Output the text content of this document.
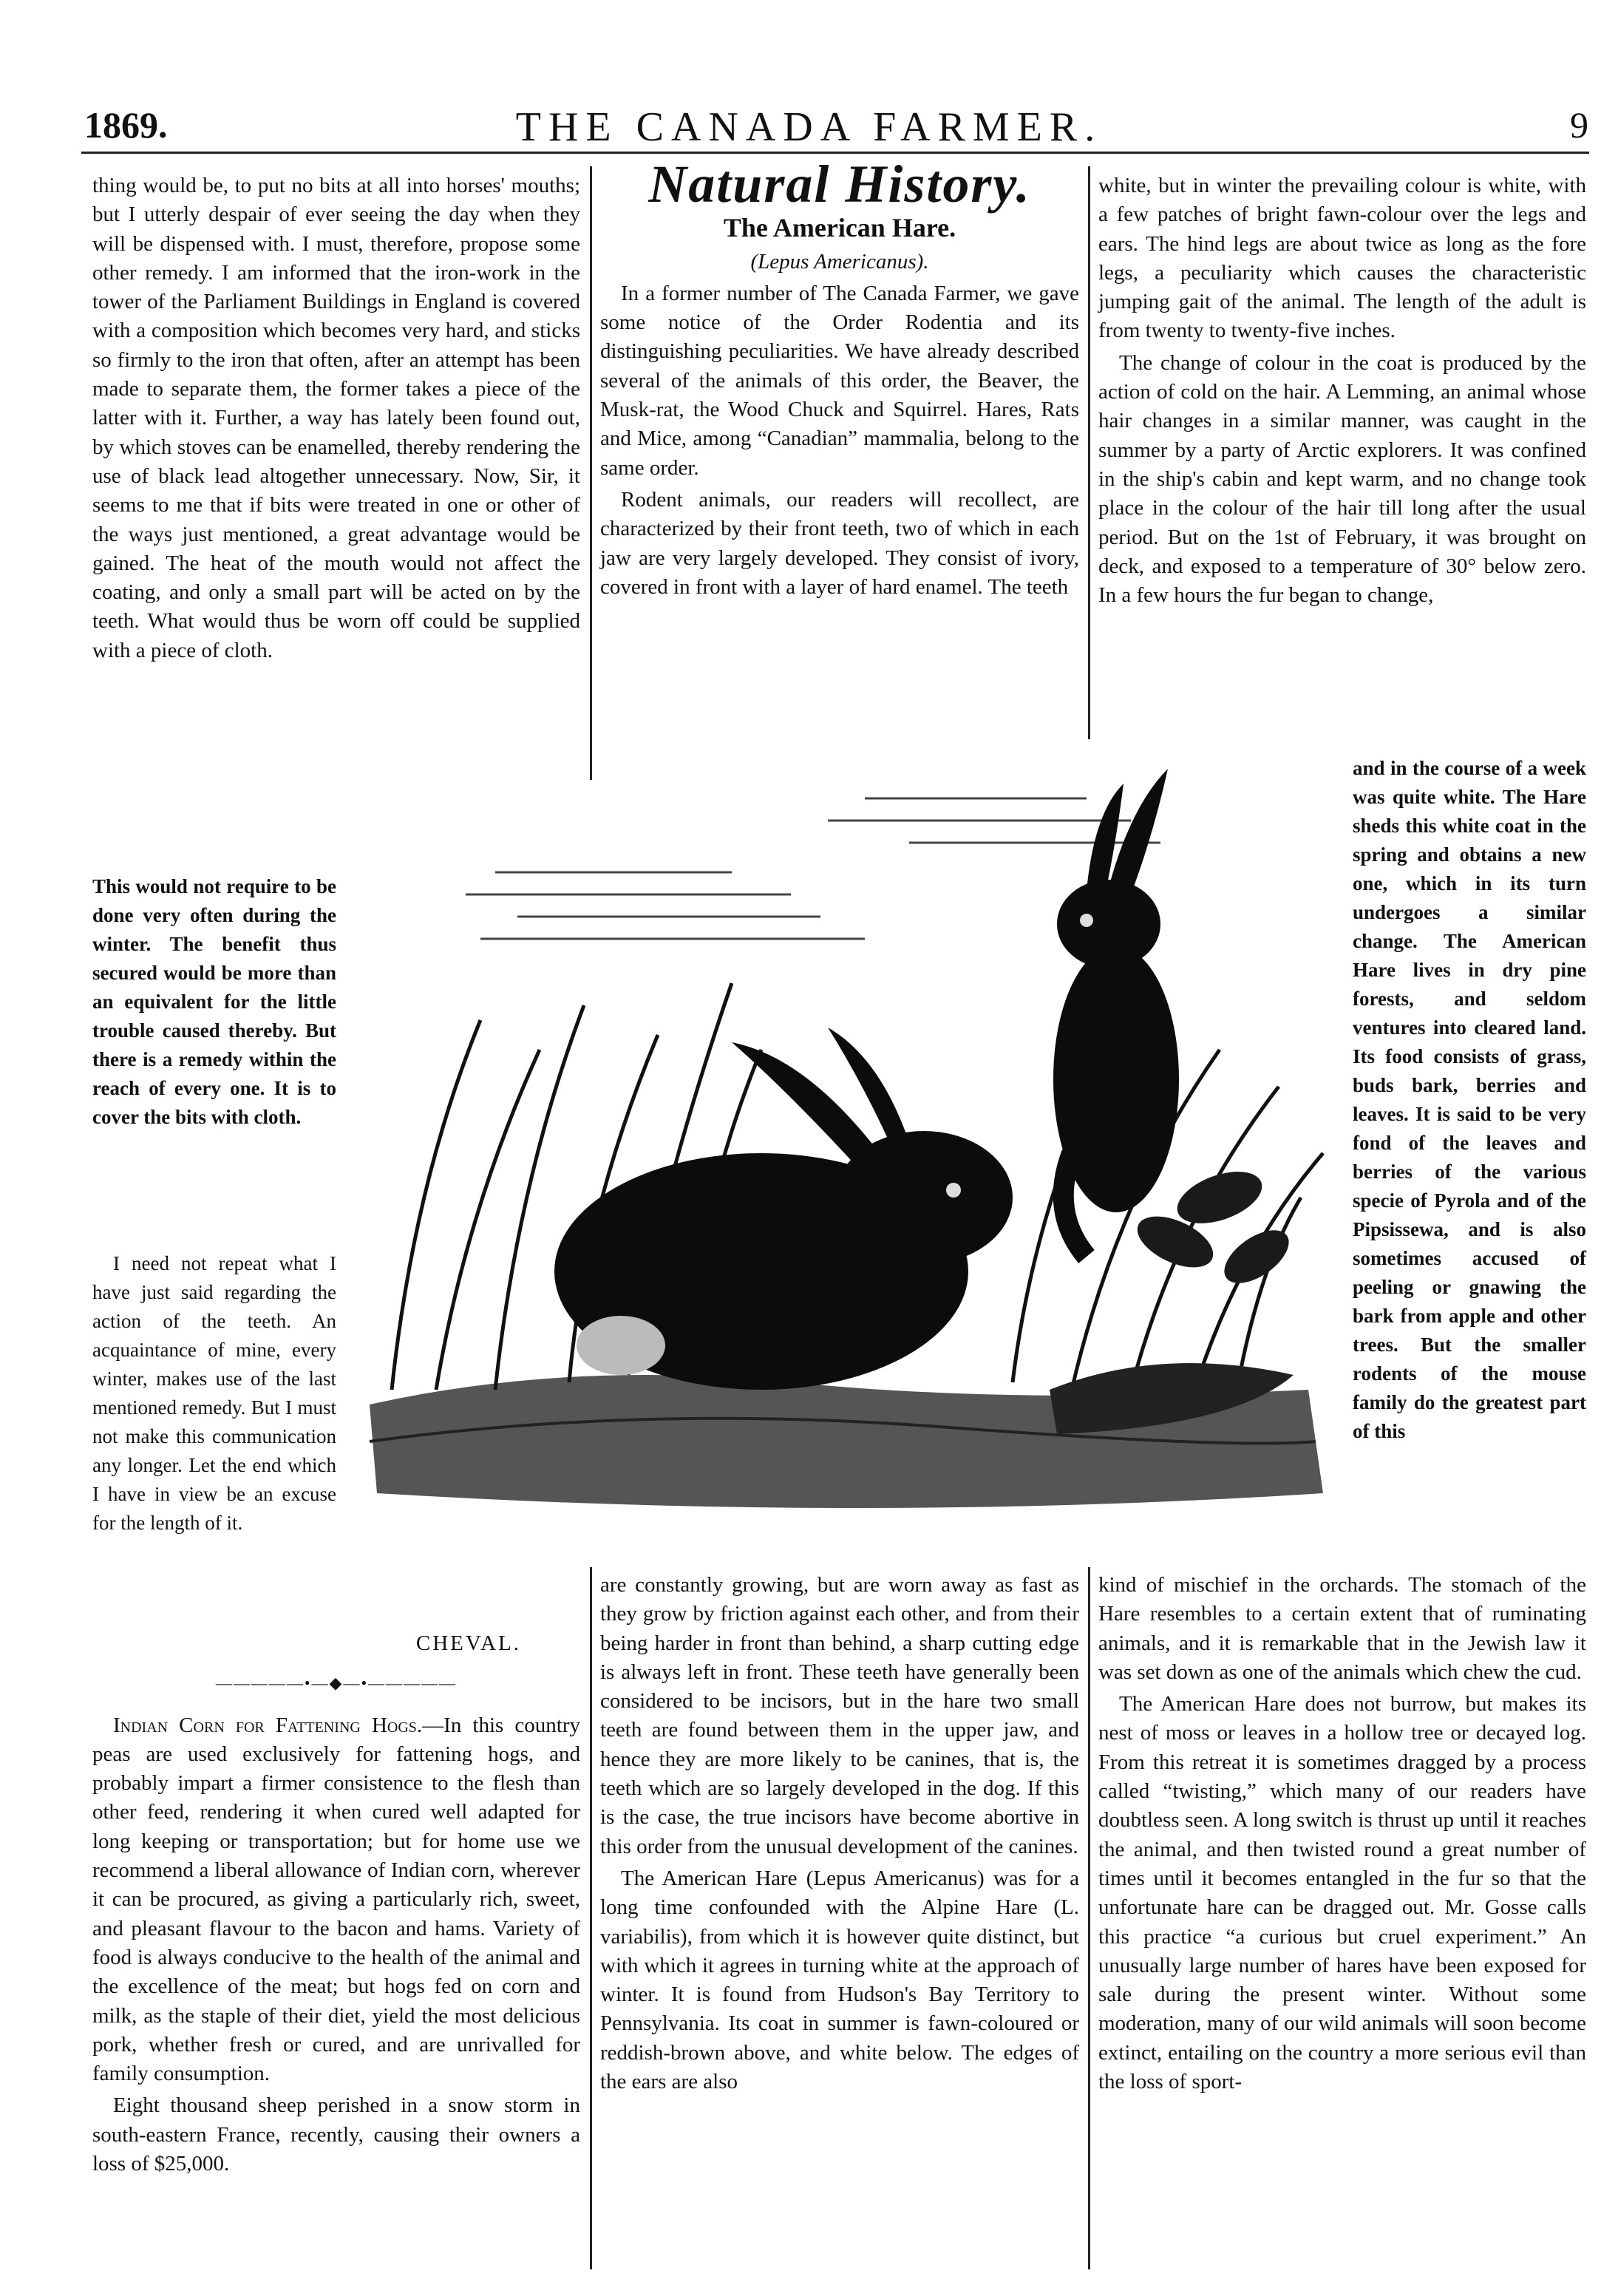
1869.	THE CANADA FARMER.	9

thing would be, to put no bits at all into horses' mouths; but I utterly despair of ever seeing the day when they will be dispensed with. I must, therefore, propose some other remedy. I am informed that the iron-work in the tower of the Parliament Buildings in England is covered with a composition which becomes very hard, and sticks so firmly to the iron that often, after an attempt has been made to separate them, the former takes a piece of the latter with it. Further, a way has lately been found out, by which stoves can be enamelled, thereby rendering the use of black lead altogether unnecessary. Now, Sir, it seems to me that if bits were treated in one or other of the ways just mentioned, a great advantage would be gained. The heat of the mouth would not affect the coating, and only a small part will be acted on by the teeth. What would thus be worn off could be supplied with a piece of cloth.

This would not require to be done very often during the winter. The benefit thus secured would be more than an equivalent for the little trouble caused thereby. But there is a remedy within the reach of every one. It is to cover the bits with cloth.

I need not repeat what I have just said regarding the action of the teeth. An acquaintance of mine, every winter, makes use of the last mentioned remedy. But I must not make this communication any longer. Let the end which I have in view be an excuse for the length of it.

CHEVAL.
—————•—◆—•—————

Indian Corn for Fattening Hogs.—In this country peas are used exclusively for fattening hogs, and probably impart a firmer consistence to the flesh than other feed, rendering it when cured well adapted for long keeping or transportation; but for home use we recommend a liberal allowance of Indian corn, wherever it can be procured, as giving a particularly rich, sweet, and pleasant flavour to the bacon and hams. Variety of food is always conducive to the health of the animal and the excellence of the meat; but hogs fed on corn and milk, as the staple of their diet, yield the most delicious pork, whether fresh or cured, and are unrivalled for family consumption.

Eight thousand sheep perished in a snow storm in south-eastern France, recently, causing their owners a loss of $25,000.

Natural History.
The American Hare.
(Lepus Americanus).

In a former number of The Canada Farmer, we gave some notice of the Order Rodentia and its distinguishing peculiarities. We have already described several of the animals of this order, the Beaver, the Musk-rat, the Wood Chuck and Squirrel. Hares, Rats and Mice, among “Canadian” mammalia, belong to the same order.

Rodent animals, our readers will recollect, are characterized by their front teeth, two of which in each jaw are very largely developed. They consist of ivory, covered in front with a layer of hard enamel. The teeth

are constantly growing, but are worn away as fast as they grow by friction against each other, and from their being harder in front than behind, a sharp cutting edge is always left in front. These teeth have generally been considered to be incisors, but in the hare two small teeth are found between them in the upper jaw, and hence they are more likely to be canines, that is, the teeth which are so largely developed in the dog. If this is the case, the true incisors have become abortive in this order from the unusual development of the canines.

The American Hare (Lepus Americanus) was for a long time confounded with the Alpine Hare (L. variabilis), from which it is however quite distinct, but with which it agrees in turning white at the approach of winter. It is found from Hudson's Bay Territory to Pennsylvania. Its coat in summer is fawn-coloured or reddish-brown above, and white below. The edges of the ears are also

white, but in winter the prevailing colour is white, with a few patches of bright fawn-colour over the legs and ears. The hind legs are about twice as long as the fore legs, a peculiarity which causes the characteristic jumping gait of the animal. The length of the adult is from twenty to twenty-five inches.

The change of colour in the coat is produced by the action of cold on the hair. A Lemming, an animal whose hair changes in a similar manner, was caught in the summer by a party of Arctic explorers. It was confined in the ship's cabin and kept warm, and no change took place in the colour of the hair till long after the usual period. But on the 1st of February, it was brought on deck, and exposed to a temperature of 30° below zero. In a few hours the fur began to change,

and in the course of a week was quite white. The Hare sheds this white coat in the spring and obtains a new one, which in its turn undergoes a similar change. The American Hare lives in dry pine forests, and seldom ventures into cleared land. Its food consists of grass, buds bark, berries and leaves. It is said to be very fond of the leaves and berries of the various specie of Pyrola and of the Pipsissewa, and is also sometimes accused of peeling or gnawing the bark from apple and other trees. But the smaller rodents of the mouse family do the greatest part of this

kind of mischief in the orchards. The stomach of the Hare resembles to a certain extent that of ruminating animals, and it is remarkable that in the Jewish law it was set down as one of the animals which chew the cud.

The American Hare does not burrow, but makes its nest of moss or leaves in a hollow tree or decayed log. From this retreat it is sometimes dragged by a process called “twisting,” which many of our readers have doubtless seen. A long switch is thrust up until it reaches the animal, and then twisted round a great number of times until it becomes entangled in the fur so that the unfortunate hare can be dragged out. Mr. Gosse calls this practice “a curious but cruel experiment.” An unusually large number of hares have been exposed for sale during the present winter. Without some moderation, many of our wild animals will soon become extinct, entailing on the country a more serious evil than the loss of sport-
